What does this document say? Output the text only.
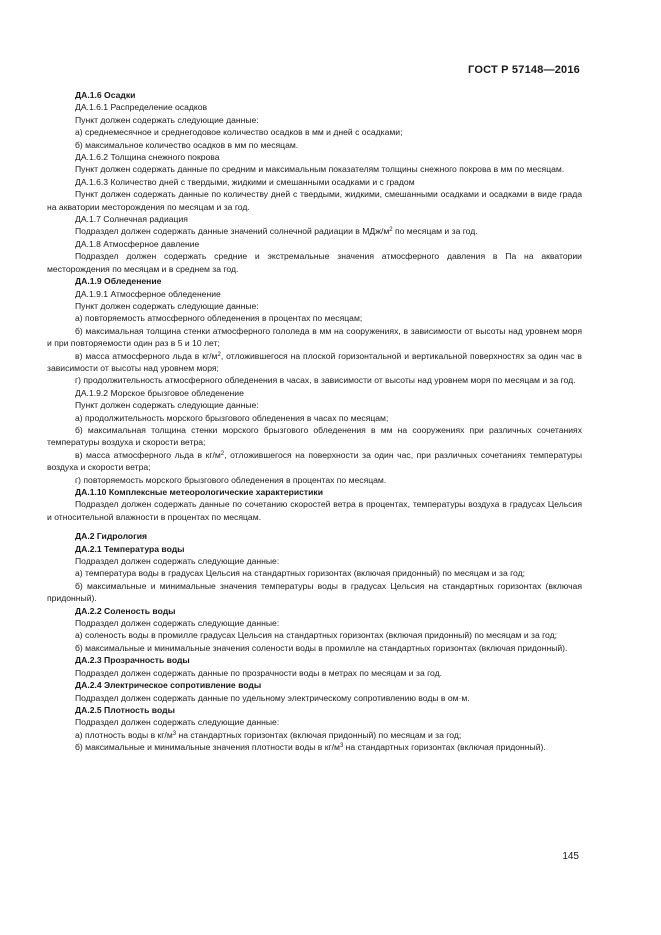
ГОСТ Р 57148—2016

ДА.1.6 Осадки

ДА.1.6.1 Распределение осадков

Пункт должен содержать следующие данные:

а) среднемесячное и среднегодовое количество осадков в мм и дней с осадками;

б) максимальное количество осадков в мм по месяцам.

ДА.1.6.2 Толщина снежного покрова

Пункт должен содержать данные по средним и максимальным показателям толщины снежного покрова в мм по месяцам.

ДА.1.6.3 Количество дней с твердыми, жидкими и смешанными осадками и с градом

Пункт должен содержать данные по количеству дней с твердыми, жидкими, смешанными осадками и осадками в виде града на акватории месторождения по месяцам и за год.

ДА.1.7 Солнечная радиация

Подраздел должен содержать данные значений солнечной радиации в МДж/$м^2$ по месяцам и за год.

ДА.1.8 Атмосферное давление

Подраздел должен содержать средние и экстремальные значения атмосферного давления в Па на акватории месторождения по месяцам и в среднем за год.

ДА.1.9 Обледенение

ДА.1.9.1 Атмосферное обледенение

Пункт должен содержать следующие данные:

а) повторяемость атмосферного обледенения в процентах по месяцам;

б) максимальная толщина стенки атмосферного гололеда в мм на сооружениях, в зависимости от высоты над уровнем моря и при повторяемости один раз в 5 и 10 лет;

в) масса атмосферного льда в $кг/м^2$, отложившегося на плоской горизонтальной и вертикальной поверхностях за один час в зависимости от высоты над уровнем моря;

г) продолжительность атмосферного обледенения в часах, в зависимости от высоты над уровнем моря по месяцам и за год.

ДА.1.9.2 Морское брызговое обледенение

Пункт должен содержать следующие данные:

а) продолжительность морского брызгового обледенения в часах по месяцам;

б) максимальная толщина стенки морского брызгового обледенения в мм на сооружениях при различных сочетаниях температуры воздуха и скорости ветра;

в) масса атмосферного льда в $кг/м^2$, отложившегося на поверхности за один час, при различных сочетаниях температуры воздуха и скорости ветра;

г) повторяемость морского брызгового обледенения в процентах по месяцам.

ДА.1.10 Комплексные метеорологические характеристики

Подраздел должен содержать данные по сочетанию скоростей ветра в процентах, температуры воздуха в градусах Цельсия и относительной влажности в процентах по месяцам.

ДА.2 Гидрология

ДА.2.1 Температура воды

Подраздел должен содержать следующие данные:

а) температура воды в градусах Цельсия на стандартных горизонтах (включая придонный) по месяцам и за год;

б) максимальные и минимальные значения температуры воды в градусах Цельсия на стандартных горизонтах (включая придонный).

ДА.2.2 Соленость воды

Подраздел должен содержать следующие данные:

а) соленость воды в промилле градусах Цельсия на стандартных горизонтах (включая придонный) по месяцам и за год;

б) максимальные и минимальные значения солености воды в промилле на стандартных горизонтах (включая придонный).

ДА.2.3 Прозрачность воды

Подраздел должен содержать данные по прозрачности воды в метрах по месяцам и за год.

ДА.2.4 Электрическое сопротивление воды

Подраздел должен содержать данные по удельному электрическому сопротивлению воды в ом·м.

ДА.2.5 Плотность воды

Подраздел должен содержать следующие данные:

а) плотность воды в $кг/м^3$ на стандартных горизонтах (включая придонный) по месяцам и за год;

б) максимальные и минимальные значения плотности воды в $кг/м^3$ на стандартных горизонтах (включая придонный).

145
